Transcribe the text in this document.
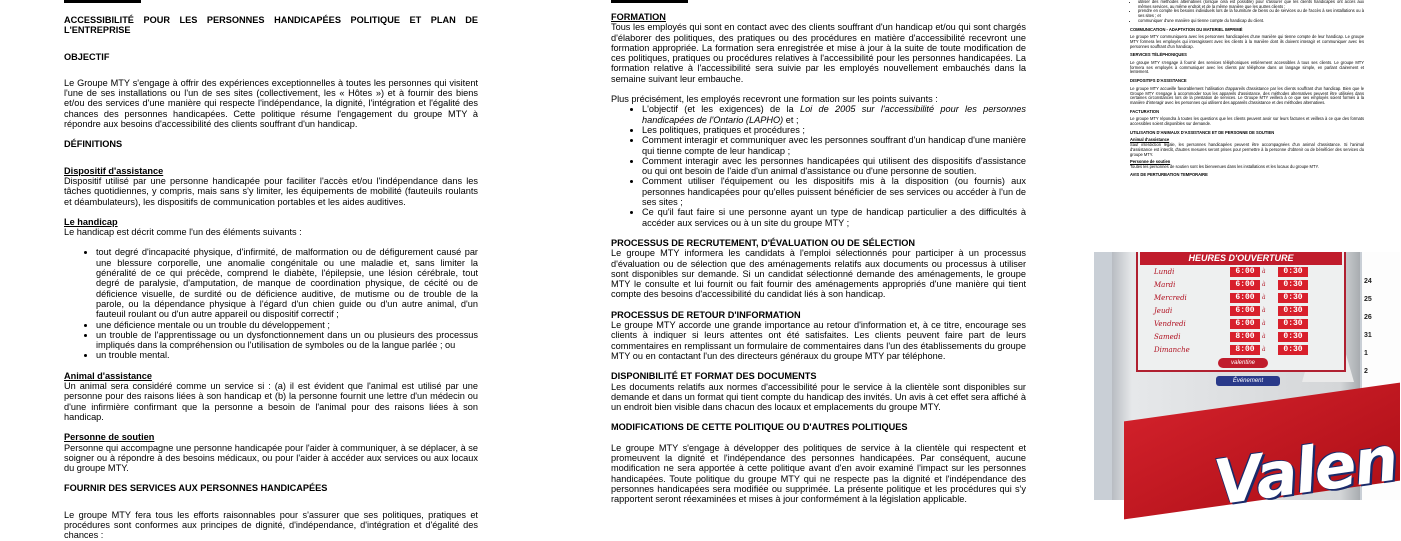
ACCESSIBILITÉ POUR LES PERSONNES HANDICAPÉES POLITIQUE ET PLAN DE L'ENTREPRISE
OBJECTIF

Le Groupe MTY s'engage à offrir des expériences exceptionnelles à toutes les personnes qui visitent l'une de ses installations ou l'un de ses sites (collectivement, les « Hôtes ») et à fournir des biens et/ou des services d'une manière qui respecte l'indépendance, la dignité, l'intégration et l'égalité des chances des personnes handicapées. Cette politique résume l'engagement du groupe MTY à répondre aux besoins d'accessibilité des clients souffrant d'un handicap.

DÉFINITIONS
Dispositif d'assistance

Dispositif utilisé par une personne handicapée pour faciliter l'accès et/ou l'indépendance dans les tâches quotidiennes, y compris, mais sans s'y limiter, les équipements de mobilité (fauteuils roulants et déambulateurs), les dispositifs de communication portables et les aides auditives.

Le handicap

Le handicap est décrit comme l'un des éléments suivants :

• tout degré d'incapacité physique, d'infirmité, de malformation ou de défigurement causé par une blessure corporelle, une anomalie congénitale ou une maladie et, sans limiter la généralité de ce qui précède, comprend le diabète, l'épilepsie, une lésion cérébrale, tout degré de paralysie, d'amputation, de manque de coordination physique, de cécité ou de déficience visuelle, de surdité ou de déficience auditive, de mutisme ou de trouble de la parole, ou la dépendance physique à l'égard d'un chien guide ou d'un autre animal, d'un fauteuil roulant ou d'un autre appareil ou dispositif correctif ;
• une déficience mentale ou un trouble du développement ;
• un trouble de l'apprentissage ou un dysfonctionnement dans un ou plusieurs des processus impliqués dans la compréhension ou l'utilisation de symboles ou de la langue parlée ; ou
• un trouble mental.
Animal d'assistance

Un animal sera considéré comme un service si : (a) il est évident que l'animal est utilisé par une personne pour des raisons liées à son handicap et (b) la personne fournit une lettre d'un médecin ou d'une infirmière confirmant que la personne a besoin de l'animal pour des raisons liées à son handicap.

Personne de soutien

Personne qui accompagne une personne handicapée pour l'aider à communiquer, à se déplacer, à se soigner ou à répondre à des besoins médicaux, ou pour l'aider à accéder aux services ou aux locaux du groupe MTY.

FOURNIR DES SERVICES AUX PERSONNES HANDICAPÉES

Le groupe MTY fera tous les efforts raisonnables pour s'assurer que ses politiques, pratiques et procédures sont conformes aux principes de dignité, d'indépendance, d'intégration et d'égalité des chances :

FORMATION

Tous les employés qui sont en contact avec des clients souffrant d'un handicap et/ou qui sont chargés d'élaborer des politiques, des pratiques ou des procédures en matière d'accessibilité recevront une formation appropriée. La formation sera enregistrée et mise à jour à la suite de toute modification de ces politiques, pratiques ou procédures relatives à l'accessibilité pour les personnes handicapées. La formation relative à l'accessibilité sera suivie par les employés nouvellement embauchés dans la semaine suivant leur embauche.

Plus précisément, les employés recevront une formation sur les points suivants :

• L'objectif (et les exigences) de la Loi de 2005 sur l'accessibilité pour les personnes handicapées de l'Ontario (LAPHO) et ;
• Les politiques, pratiques et procédures ;
• Comment interagir et communiquer avec les personnes souffrant d'un handicap d'une manière qui tienne compte de leur handicap ;
• Comment interagir avec les personnes handicapées qui utilisent des dispositifs d'assistance ou qui ont besoin de l'aide d'un animal d'assistance ou d'une personne de soutien.
• Comment utiliser l'équipement ou les dispositifs mis à la disposition (ou fournis) aux personnes handicapées pour qu'elles puissent bénéficier de ses services ou accéder à l'un de ses sites ;
• Ce qu'il faut faire si une personne ayant un type de handicap particulier a des difficultés à accéder aux services ou à un site du groupe MTY ;
PROCESSUS DE RECRUTEMENT, D'ÉVALUATION OU DE SÉLECTION

Le groupe MTY informera les candidats à l'emploi sélectionnés pour participer à un processus d'évaluation ou de sélection que des aménagements relatifs aux documents ou processus à utiliser sont disponibles sur demande. Si un candidat sélectionné demande des aménagements, le groupe MTY le consulte et lui fournit ou fait fournir des aménagements appropriés d'une manière qui tient compte des besoins d'accessibilité du candidat liés à son handicap.

PROCESSUS DE RETOUR D'INFORMATION

Le groupe MTY accorde une grande importance au retour d'information et, à ce titre, encourage ses clients à indiquer si leurs attentes ont été satisfaites. Les clients peuvent faire part de leurs commentaires en remplissant un formulaire de commentaires dans l'un des établissements du groupe MTY ou en contactant l'un des directeurs généraux du groupe MTY par téléphone.

DISPONIBILITÉ ET FORMAT DES DOCUMENTS

Les documents relatifs aux normes d'accessibilité pour le service à la clientèle sont disponibles sur demande et dans un format qui tient compte du handicap des invités. Un avis à cet effet sera affiché à un endroit bien visible dans chacun des locaux et emplacements du groupe MTY.

MODIFICATIONS DE CETTE POLITIQUE OU D'AUTRES POLITIQUES

Le groupe MTY s'engage à développer des politiques de service à la clientèle qui respectent et promeuvent la dignité et l'indépendance des personnes handicapées. Par conséquent, aucune modification ne sera apportée à cette politique avant d'en avoir examiné l'impact sur les personnes handicapées. Toute politique du groupe MTY qui ne respecte pas la dignité et l'indépendance des personnes handicapées sera modifiée ou supprimée. La présente politique et les procédures qui s'y rapportent seront réexaminées et mises à jour conformément à la législation applicable.

• utiliser des méthodes alternatives (lorsque cela est possible) pour s'assurer que les clients handicapés ont accès aux mêmes services, au même endroit et de la même manière que les autres clients ;
• prendre en compte les besoins individuels lors de la fourniture de biens ou de services ou de l'accès à ses installations ou à ses sites ; et
• communiquer d'une manière qui tienne compte du handicap du client.
COMMUNICATION - ADAPTATION DU MATERIEL IMPRIMÉ

Le groupe MTY communiquera avec les personnes handicapées d'une manière qui tienne compte de leur handicap. Le groupe MTY formera les employés qui interagissent avec les clients à la manière dont ils doivent interagir et communiquer avec les personnes souffrant d'un handicap.

SERVICES TÉLÉPHONIQUES

Le groupe MTY s'engage à fournir des services téléphoniques entièrement accessibles à tous ses clients. Le groupe MTY formera ses employés à communiquer avec les clients par téléphone dans un langage simple, en parlant clairement et lentement.

DISPOSITIFS D'ASSISTANCE

Le groupe MTY accueille favorablement l'utilisation d'appareils d'assistance par les clients souffrant d'un handicap. Bien que le Groupe MTY s'engage à accommoder tous les appareils d'assistance, des méthodes alternatives peuvent être utilisées dans certaines circonstances lors de la prestation de services. Le Groupe MTY veillera à ce que ses employés soient formés à la manière d'interagir avec les personnes qui utilisent des appareils d'assistance et des méthodes alternatives.

FACTURATION

Le groupe MTY répondra à toutes les questions que les clients peuvent avoir sur leurs factures et veillera à ce que des formats accessibles soient disponibles sur demande.

UTILISATION D'ANIMAUX D'ASSISTANCE ET DE PERSONNE DE SOUTIEN
Animal d'assistance

Sauf interdiction légale, les personnes handicapées peuvent être accompagnées d'un animal d'assistance. Si l'animal d'assistance est interdit, d'autres mesures seront prises pour permettre à la personne d'obtenir ou de bénéficier des services du groupe MTY.

Personne de soutien

Toutes les personnes de soutien sont les bienvenues dans les installations et les locaux du groupe MTY.

AVIS DE PERTURBATION TEMPORAIRE
HEURES D'OUVERTURE
Lundi	6:00	à	0:30
Mardi	6:00	à	0:30
Mercredi	6:00	à	0:30
Jeudi	6:00	à	0:30
Vendredi	6:00	à	0:30
Samedi	8:00	à	0:30
Dimanche	8:00	à	0:30
valentine
24
25
26
31
1
2
Événement
Valen
